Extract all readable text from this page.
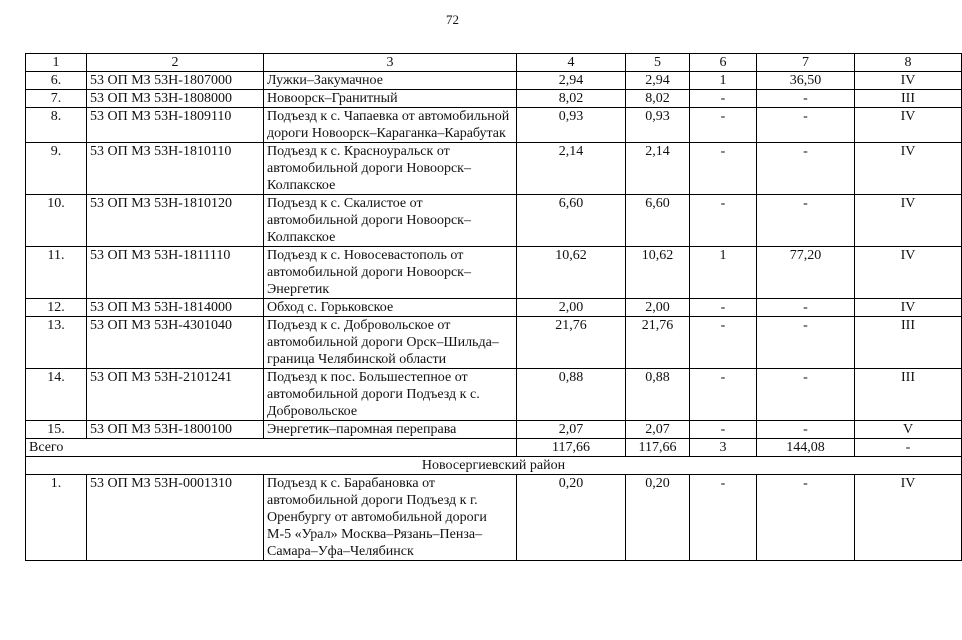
72
1	2	3	4	5	6	7	8
6.	53 ОП МЗ 53Н-1807000	Лужки–Закумачное	2,94	2,94	1	36,50	IV
7.	53 ОП МЗ 53Н-1808000	Новоорск–Гранитный	8,02	8,02	-	-	III
8.	53 ОП МЗ 53Н-1809110	Подъезд к с. Чапаевка от автомобильной дороги Новоорск–Караганка–Карабутак	0,93	0,93	-	-	IV
9.	53 ОП МЗ 53Н-1810110	Подъезд к с. Красноуральск от автомобильной дороги Новоорск–Колпакское	2,14	2,14	-	-	IV
10.	53 ОП МЗ 53Н-1810120	Подъезд к с. Скалистое от автомобильной дороги Новоорск–Колпакское	6,60	6,60	-	-	IV
11.	53 ОП МЗ 53Н-1811110	Подъезд к с. Новосевастополь от автомобильной дороги Новоорск–Энергетик	10,62	10,62	1	77,20	IV
12.	53 ОП МЗ 53Н-1814000	Обход с. Горьковское	2,00	2,00	-	-	IV
13.	53 ОП МЗ 53Н-4301040	Подъезд к с. Добровольское от автомобильной дороги Орск–Шильда–граница Челябинской области	21,76	21,76	-	-	III
14.	53 ОП МЗ 53Н-2101241	Подъезд к пос. Большестепное от автомобильной дороги Подъезд к с. Добровольское	0,88	0,88	-	-	III
15.	53 ОП МЗ 53Н-1800100	Энергетик–паромная переправа	2,07	2,07	-	-	V
Всего			117,66	117,66	3	144,08	-
Новосергиевский район							
1.	53 ОП МЗ 53Н-0001310	Подъезд к с. Барабановка от автомобильной дороги Подъезд к г. Оренбургу от автомобильной дороги М-5 «Урал» Москва–Рязань–Пенза–Самара–Уфа–Челябинск	0,20	0,20	-	-	IV
